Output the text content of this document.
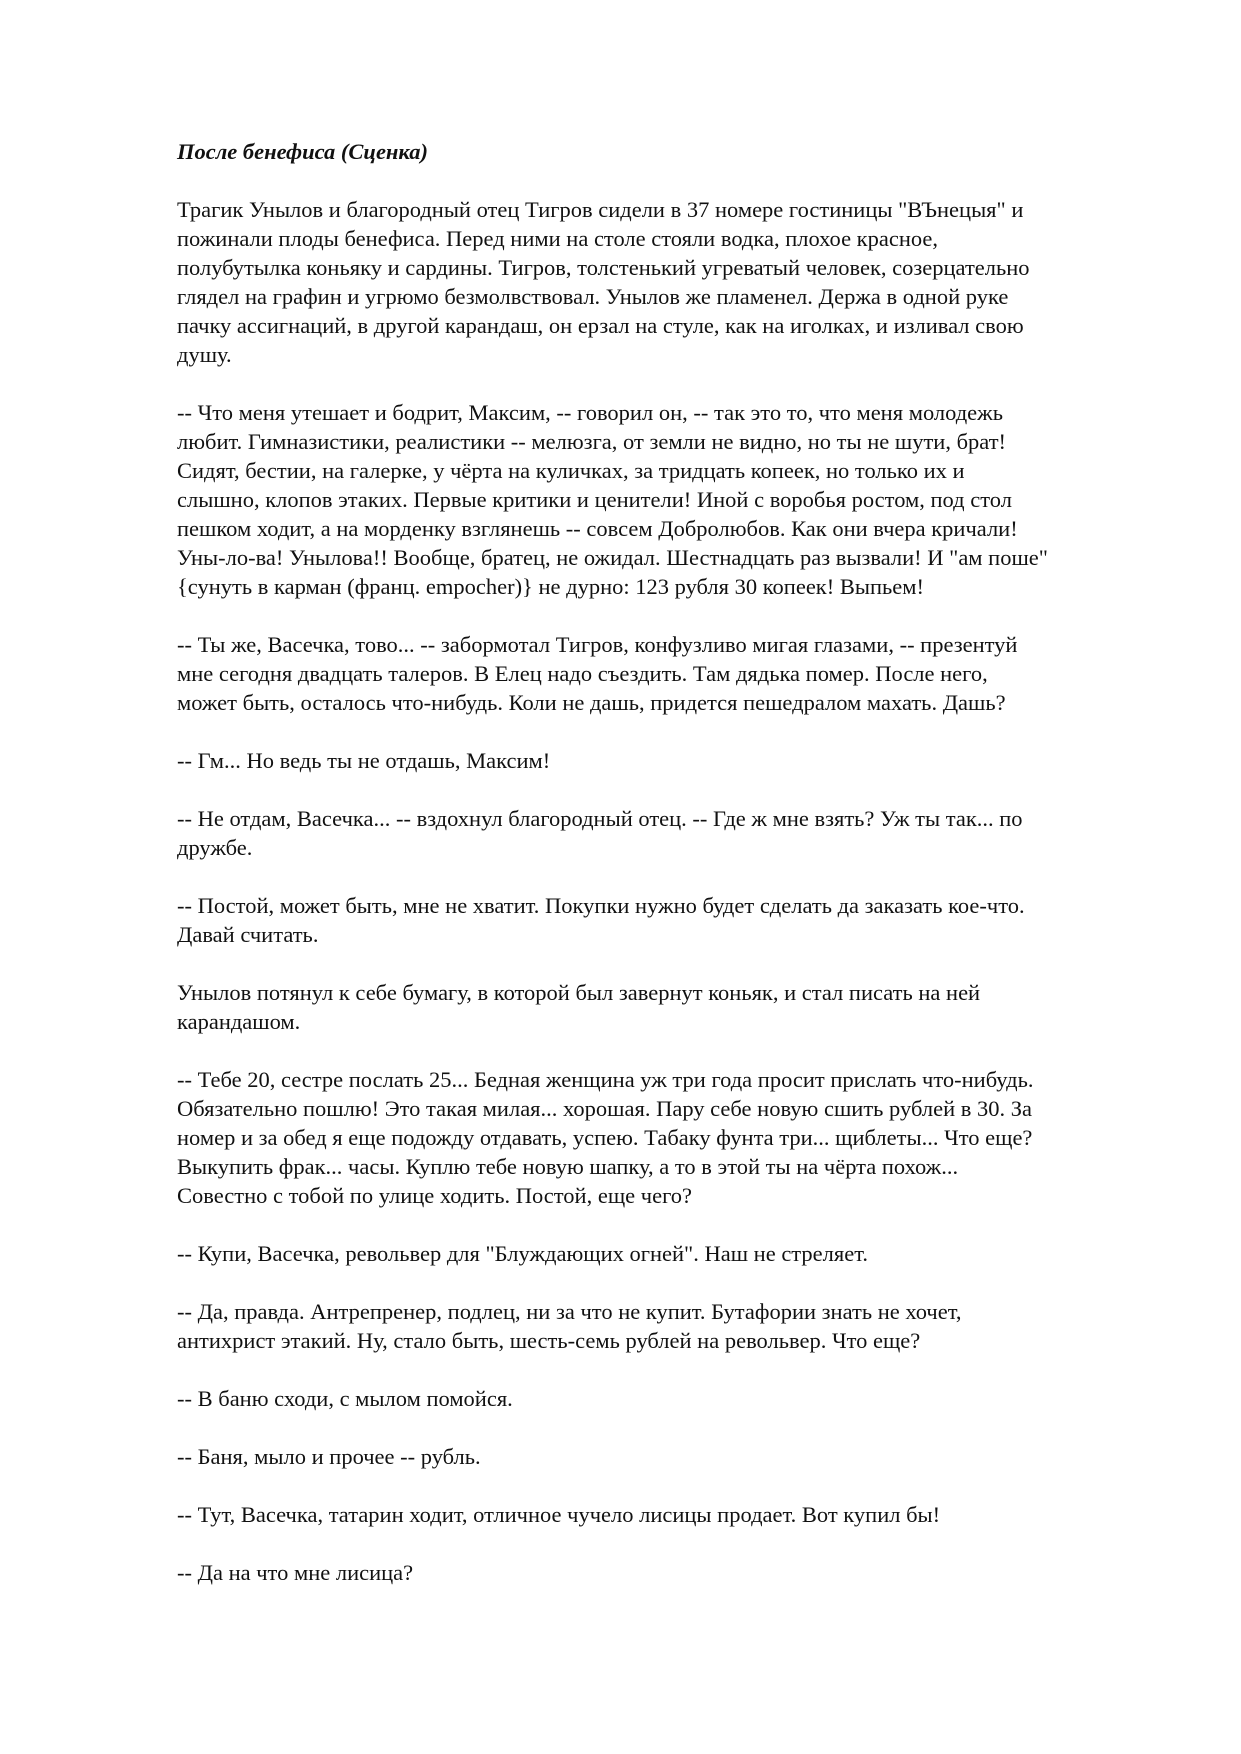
После бенефиса (Сценка)

Трагик Унылов и благородный отец Тигров сидели в 37 номере гостиницы "ВЪнецыя" и
пожинали плоды бенефиса. Перед ними на столе стояли водка, плохое красное,
полубутылка коньяку и сардины. Тигров, толстенький угреватый человек, созерцательно
глядел на графин и угрюмо безмолвствовал. Унылов же пламенел. Держа в одной руке
пачку ассигнаций, в другой карандаш, он ерзал на стуле, как на иголках, и изливал свою
душу.

-- Что меня утешает и бодрит, Максим, -- говорил он, -- так это то, что меня молодежь
любит. Гимназистики, реалистики -- мелюзга, от земли не видно, но ты не шути, брат!
Сидят, бестии, на галерке, у чёрта на куличках, за тридцать копеек, но только их и
слышно, клопов этаких. Первые критики и ценители! Иной с воробья ростом, под стол
пешком ходит, а на морденку взглянешь -- совсем Добролюбов. Как они вчера кричали!
Уны-ло-ва! Унылова!! Вообще, братец, не ожидал. Шестнадцать раз вызвали! И "ам поше"
{сунуть в карман (франц. empocher)} не дурно: 123 рубля 30 копеек! Выпьем!

-- Ты же, Васечка, тово... -- забормотал Тигров, конфузливо мигая глазами, -- презентуй
мне сегодня двадцать талеров. В Елец надо съездить. Там дядька помер. После него,
может быть, осталось что-нибудь. Коли не дашь, придется пешедралом махать. Дашь?

-- Гм... Но ведь ты не отдашь, Максим!

-- Не отдам, Васечка... -- вздохнул благородный отец. -- Где ж мне взять? Уж ты так... по
дружбе.

-- Постой, может быть, мне не хватит. Покупки нужно будет сделать да заказать кое-что.
Давай считать.

Унылов потянул к себе бумагу, в которой был завернут коньяк, и стал писать на ней
карандашом.

-- Тебе 20, сестре послать 25... Бедная женщина уж три года просит прислать что-нибудь.
Обязательно пошлю! Это такая милая... хорошая. Пару себе новую сшить рублей в 30. За
номер и за обед я еще подожду отдавать, успею. Табаку фунта три... щиблеты... Что еще?
Выкупить фрак... часы. Куплю тебе новую шапку, а то в этой ты на чёрта похож...
Совестно с тобой по улице ходить. Постой, еще чего?

-- Купи, Васечка, револьвер для "Блуждающих огней". Наш не стреляет.

-- Да, правда. Антрепренер, подлец, ни за что не купит. Бутафории знать не хочет,
антихрист этакий. Ну, стало быть, шесть-семь рублей на револьвер. Что еще?

-- В баню сходи, с мылом помойся.

-- Баня, мыло и прочее -- рубль.

-- Тут, Васечка, татарин ходит, отличное чучело лисицы продает. Вот купил бы!

-- Да на что мне лисица?
